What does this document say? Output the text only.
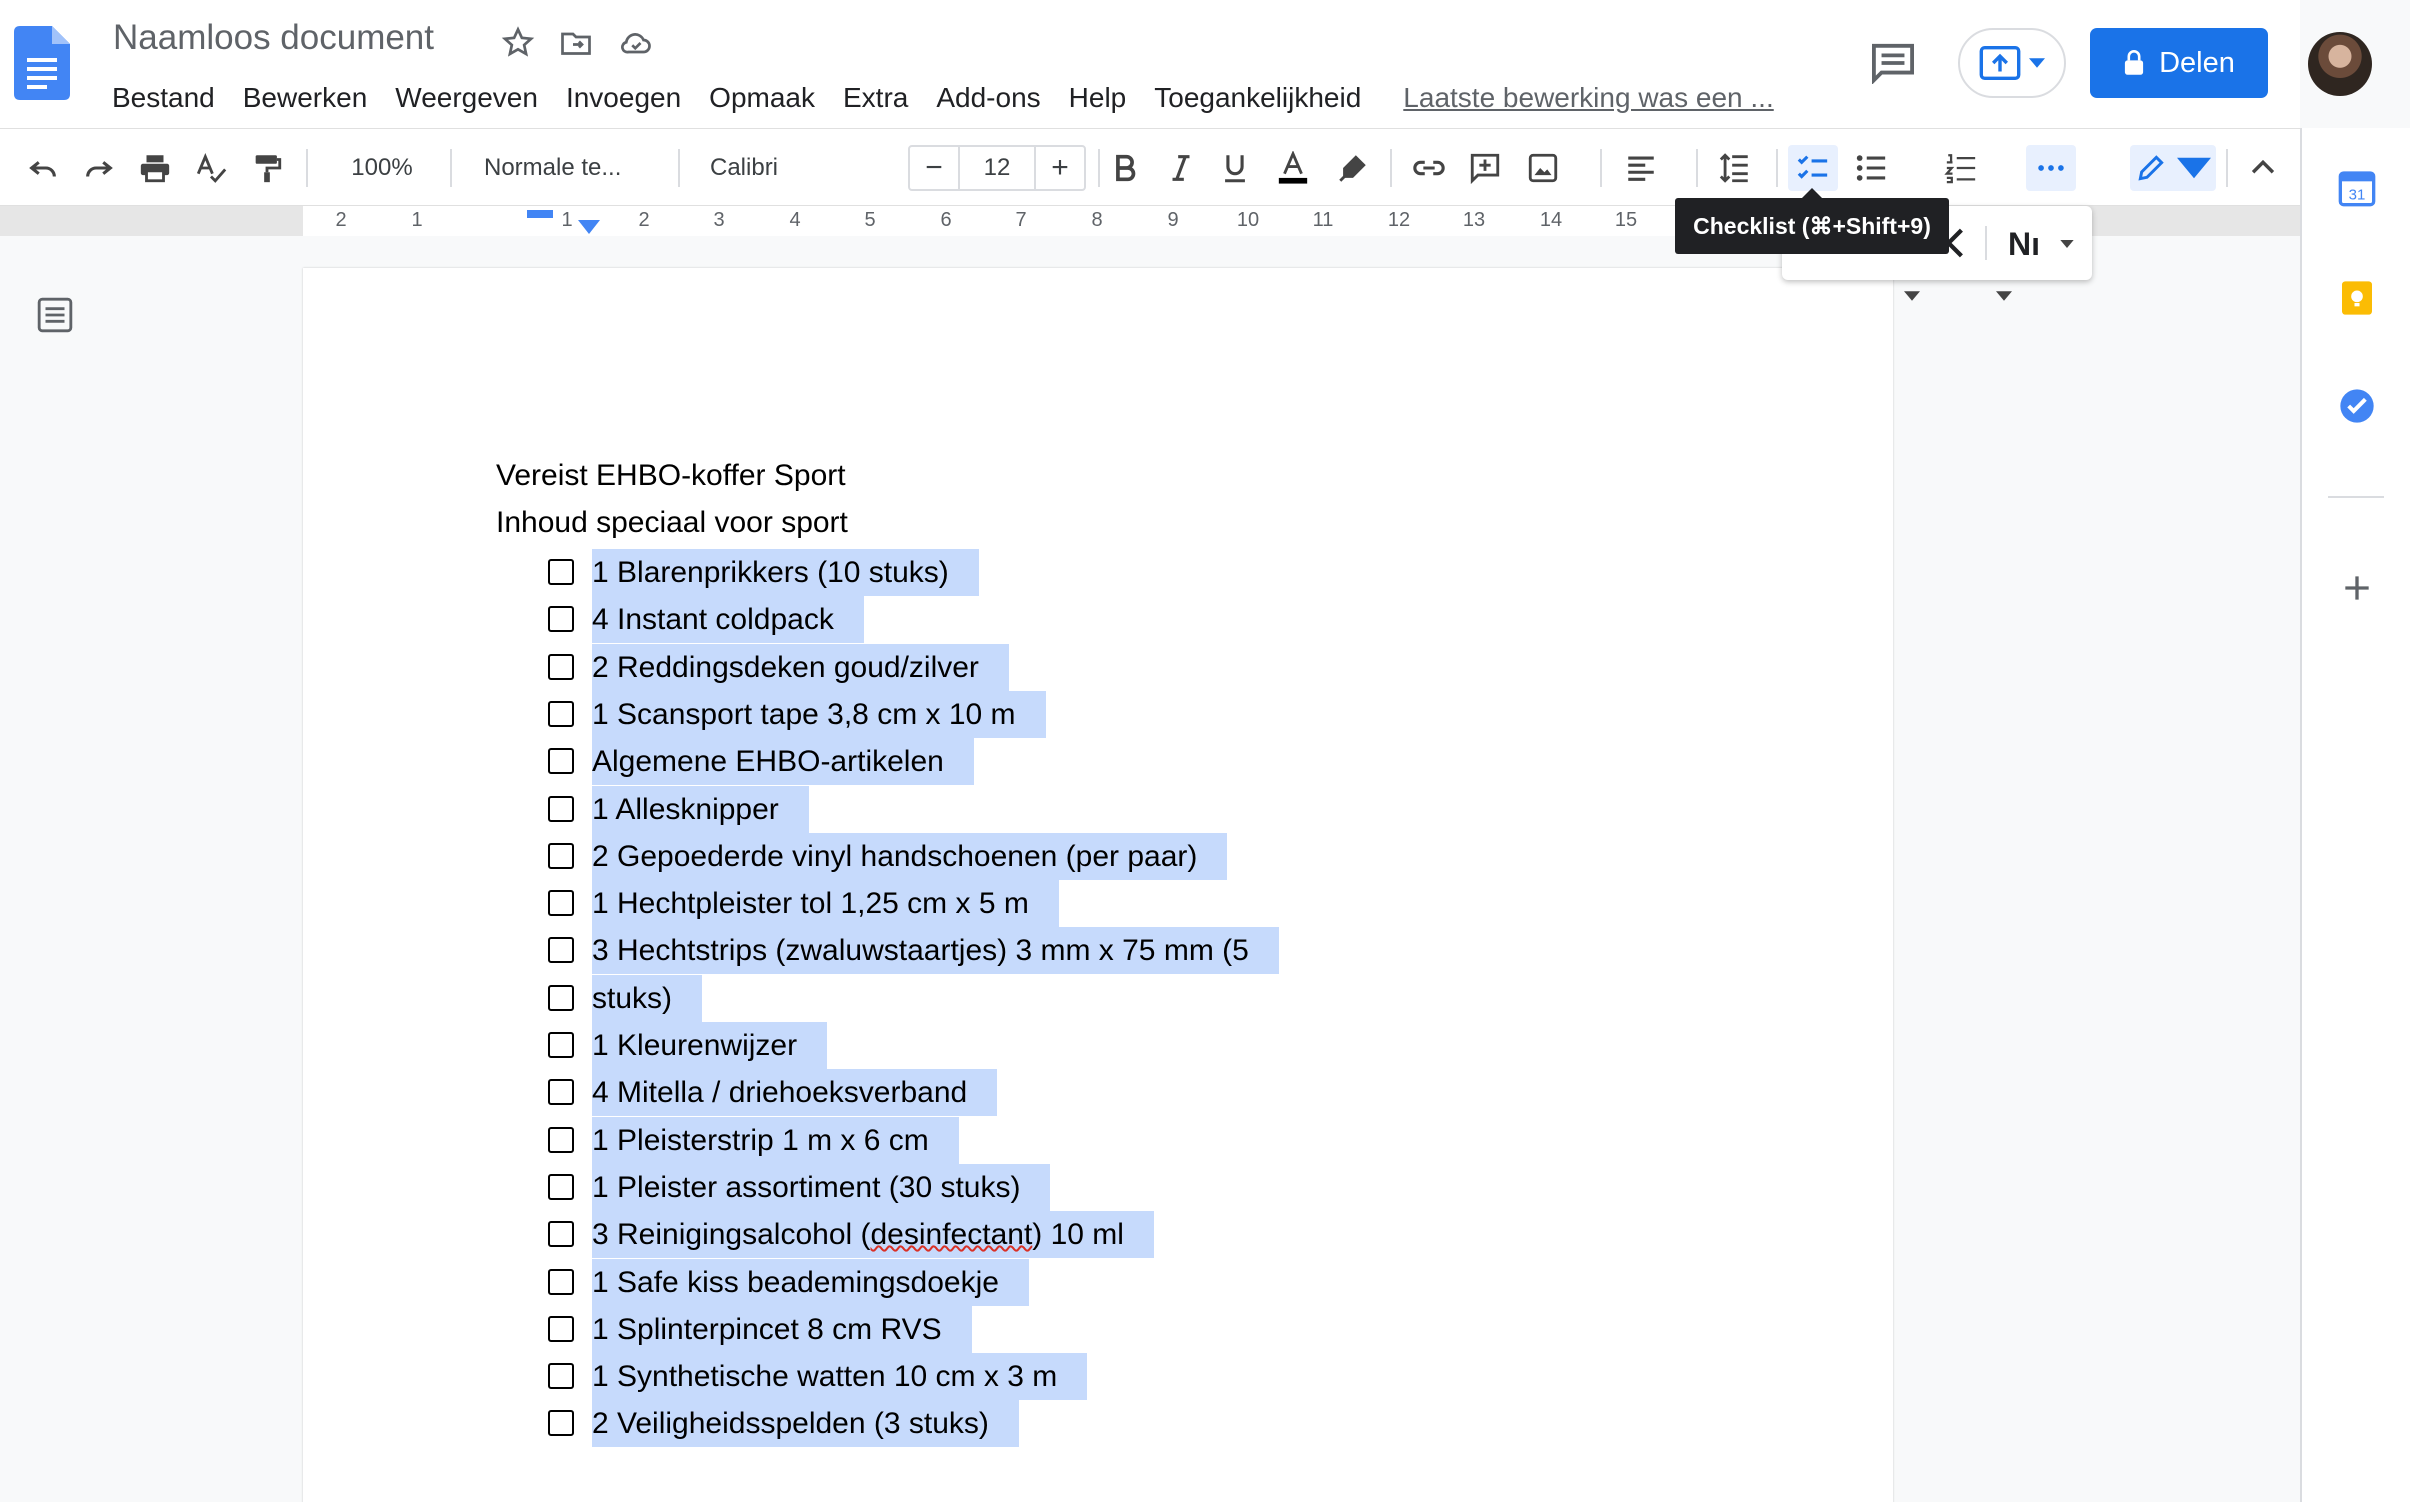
Naamloos document
Bestand Bewerken Weergeven Invoegen Opmaak Extra Add-ons Help Toegankelijkheid Laatste bewerking was een ...
Delen
100%	Normale te...	Calibri	−	12	+
2	1	1	2	3	4	5	6	7	8	9	10	11	12	13	14	15
Vereist EHBO-koffer Sport
Inhoud speciaal voor sport
1 Blarenprikkers (10 stuks)
4 Instant coldpack
2 Reddingsdeken goud/zilver
1 Scansport tape 3,8 cm x 10 m
Algemene EHBO-artikelen
1 Allesknipper
2 Gepoederde vinyl handschoenen (per paar)
1 Hechtpleister tol 1,25 cm x 5 m
3 Hechtstrips (zwaluwstaartjes) 3 mm x 75 mm (5
stuks)
1 Kleurenwijzer
4 Mitella / driehoeksverband
1 Pleisterstrip 1 m x 6 cm
1 Pleister assortiment (30 stuks)
3 Reinigingsalcohol (desinfectant) 10 ml
1 Safe kiss beademingsdoekje
1 Splinterpincet 8 cm RVS
1 Synthetische watten 10 cm x 3 m
2 Veiligheidsspelden (3 stuks)
Nı
Checklist (⌘+Shift+9)
31
